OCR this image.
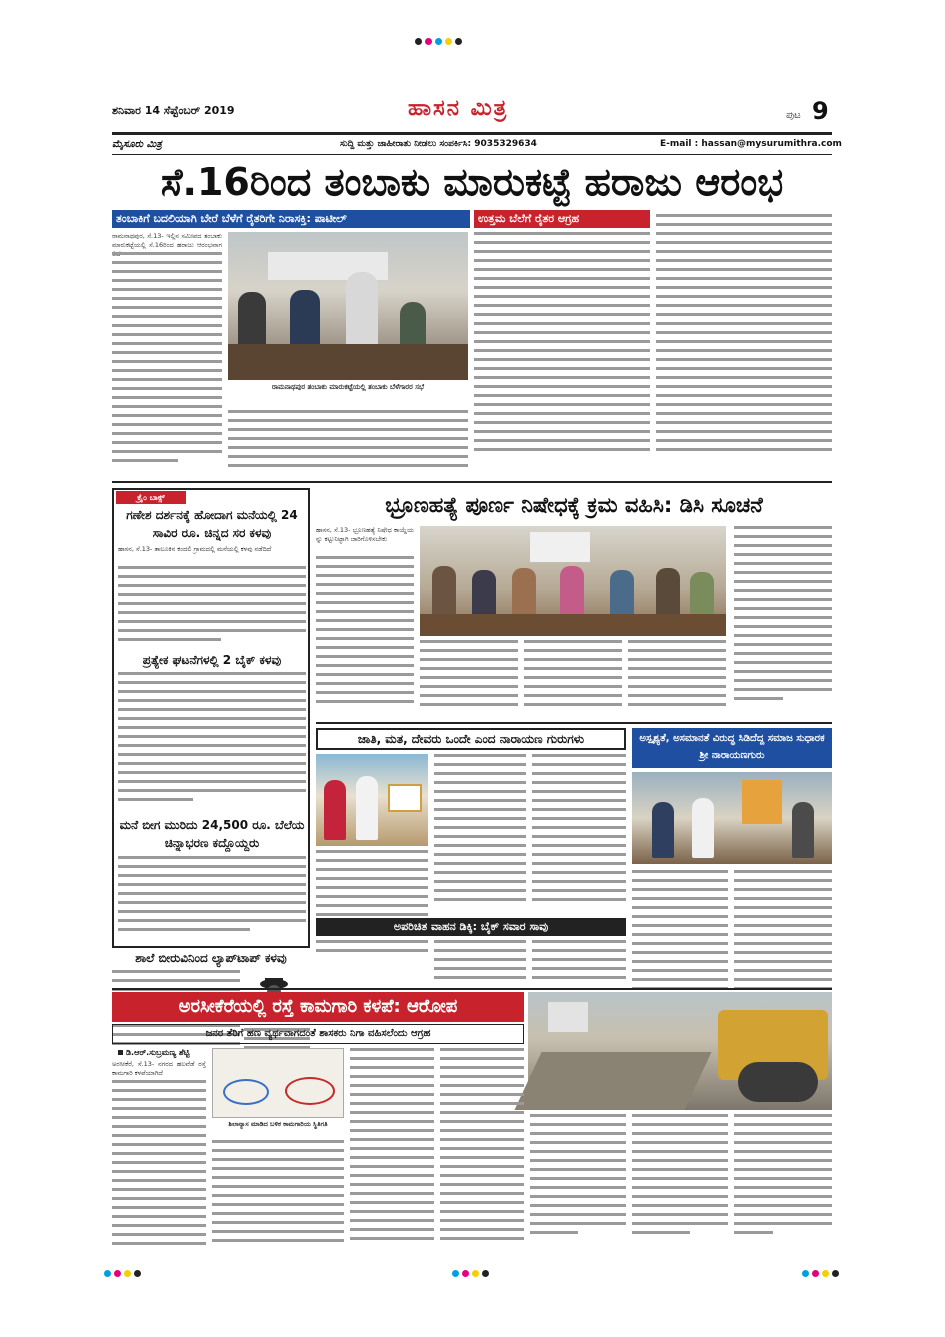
ಶನಿವಾರ 14 ಸೆಪ್ಟೆಂಬರ್ 2019	ಹಾಸನ ಮಿತ್ರ	ಪುಟ 9
ಮೈಸೂರು ಮಿತ್ರ	ಸುದ್ದಿ ಮತ್ತು ಜಾಹೀರಾತು ನೀಡಲು ಸಂಪರ್ಕಿಸಿ: 9035329634	E-mail : hassan@mysurumithra.com
ಸೆ.16ರಿಂದ ತಂಬಾಕು ಮಾರುಕಟ್ಟೆ ಹರಾಜು ಆರಂಭ
ತಂಬಾಕಿಗೆ ಬದಲಿಯಾಗಿ ಬೇರೆ ಬೆಳೆಗೆ ರೈತರಿಗೇ ನಿರಾಸಕ್ತಿ: ಪಾಟೀಲ್	ಉತ್ತಮ ಬೆಲೆಗೆ ರೈತರ ಆಗ್ರಹ
ರಾಮನಾಥಪುರ, ಸೆ.13- ಇಲ್ಲಿನ ಸಮೀಪದ ತಂಬಾಕು ಮಾರುಕಟ್ಟೆಯಲ್ಲಿ ಸೆ.16ರಿಂದ ಹರಾಜು ಆರಂಭವಾಗ
ರಾಮನಾಥಪುರ ತಂಬಾಕು ಮಾರುಕಟ್ಟೆಯಲ್ಲಿ ತಂಬಾಕು ಬೆಳೆಗಾರರ ಸಭೆ
ಕ್ರೈಂ ಬಾಕ್ಸ್
ಗಣೇಶ ದರ್ಶನಕ್ಕೆ ಹೋದಾಗ ಮನೆಯಲ್ಲಿ 24 ಸಾವಿರ ರೂ. ಚಿನ್ನದ ಸರ ಕಳವು
ಹಾಸನ, ಸೆ.13- ತಾಲೂಕಿನ ಕಂದಲಿ ಗ್ರಾಮದಲ್ಲಿ ಮನೆಯಲ್ಲಿ ಕಳವು ನಡೆದಿದೆ
ಪ್ರತ್ಯೇಕ ಘಟನೆಗಳಲ್ಲಿ 2 ಬೈಕ್ ಕಳವು
ಮನೆ ಬೀಗ ಮುರಿದು 24,500 ರೂ. ಬೆಲೆಯ ಚಿನ್ನಾಭರಣ ಕದ್ದೊಯ್ದರು
ಶಾಲೆ ಬೀರುವಿನಿಂದ ಲ್ಯಾಪ್‌ಟಾಪ್ ಕಳವು
ಭ್ರೂಣಹತ್ಯೆ ಪೂರ್ಣ ನಿಷೇಧಕ್ಕೆ ಕ್ರಮ ವಹಿಸಿ: ಡಿಸಿ ಸೂಚನೆ
ಹಾಸನ, ಸೆ.13- ಭ್ರೂಣಹತ್ಯೆ ನಿಷೇಧ ಕಾಯ್ದೆಯನ್ನು ಕಟ್ಟುನಿಟ್ಟಾಗಿ ಜಾರಿಗೊಳಿಸಬೇಕು
ಜಾತಿ, ಮತ, ದೇವರು ಒಂದೇ ಎಂದ ನಾರಾಯಣ ಗುರುಗಳು	ಅಸ್ಪೃಶ್ಯತೆ, ಅಸಮಾನತೆ ವಿರುದ್ಧ ಸಿಡಿದೆದ್ದ ಸಮಾಜ ಸುಧಾರಕ ಶ್ರೀ ನಾರಾಯಣಗುರು
ಅಪರಿಚಿತ ವಾಹನ ಡಿಕ್ಕಿ: ಬೈಕ್ ಸವಾರ ಸಾವು
ಅರಸೀಕೆರೆಯಲ್ಲಿ ರಸ್ತೆ ಕಾಮಗಾರಿ ಕಳಪೆ: ಆರೋಪ
ಜನರ ತೆರಿಗೆ ಹಣ ವ್ಯರ್ಥವಾಗದಂತೆ ಶಾಸಕರು ನಿಗಾ ವಹಿಸಲೆಂದು ಆಗ್ರಹ
ಡಿ.ಆರ್.ಸುಬ್ರಮಣ್ಯ ಶೆಟ್ಟಿ
ಅರಸೀಕೆರೆ, ಸೆ.13- ನಗರದ ಹಲವೆಡೆ ರಸ್ತೆ ಕಾಮಗಾರಿ ಕಳಪೆಯಾಗಿದೆ
ಶಿಲಾನ್ಯಾಸ ಮಾಡಿದ ಬಳಿಕ ಕಾಮಗಾರಿಯ ಸ್ಥಿತಿಗತಿ
